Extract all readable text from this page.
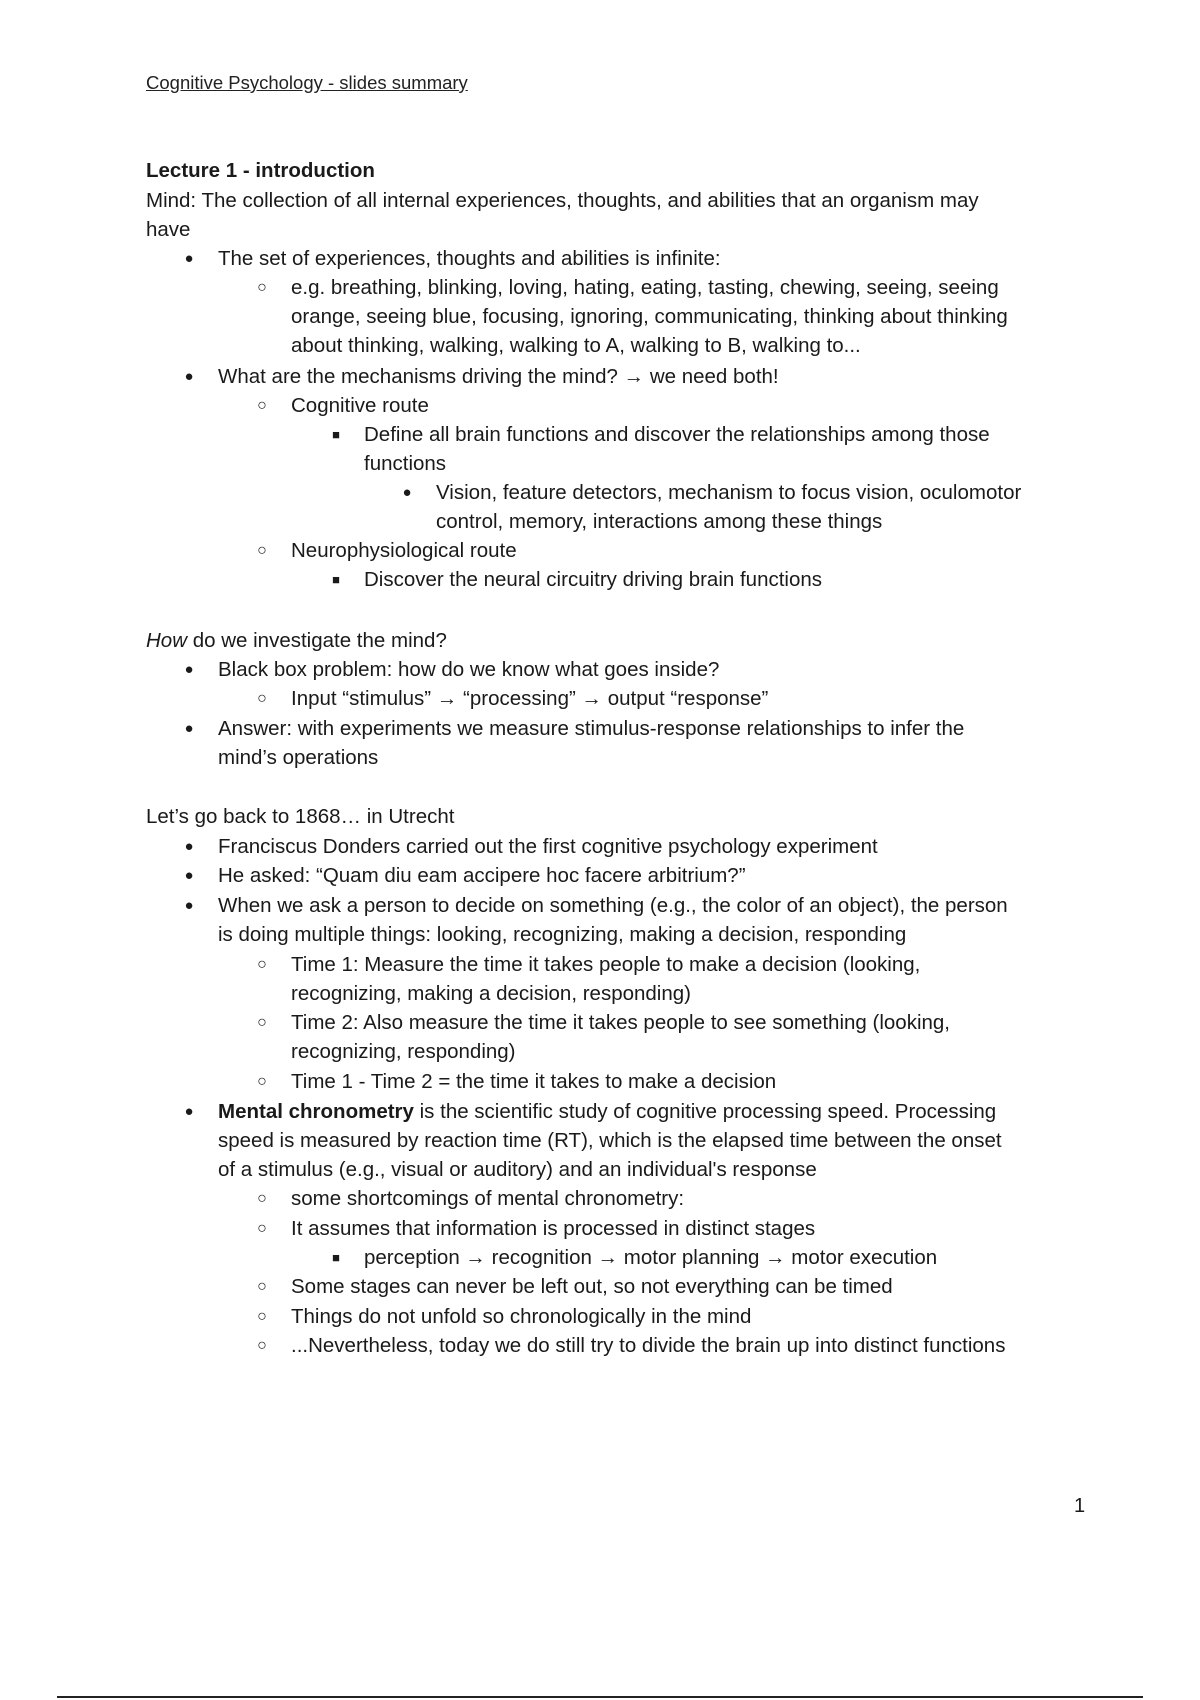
Cognitive Psychology - slides summary
Lecture 1 - introduction
Mind: The collection of all internal experiences, thoughts, and abilities that an organism may
have
● The set of experiences, thoughts and abilities is infinite:
○ e.g. breathing, blinking, loving, hating, eating, tasting, chewing, seeing, seeing
orange, seeing blue, focusing, ignoring, communicating, thinking about thinking
about thinking, walking, walking to A, walking to B, walking to...
● What are the mechanisms driving the mind? → we need both!
○ Cognitive route
■ Define all brain functions and discover the relationships among those
functions
● Vision, feature detectors, mechanism to focus vision, oculomotor
control, memory, interactions among these things
○ Neurophysiological route
■ Discover the neural circuitry driving brain functions
How do we investigate the mind?
● Black box problem: how do we know what goes inside?
○ Input “stimulus” → “processing” → output “response”
● Answer: with experiments we measure stimulus-response relationships to infer the
mind’s operations
Let’s go back to 1868… in Utrecht
● Franciscus Donders carried out the first cognitive psychology experiment
● He asked: “Quam diu eam accipere hoc facere arbitrium?”
● When we ask a person to decide on something (e.g., the color of an object), the person
is doing multiple things: looking, recognizing, making a decision, responding
○ Time 1: Measure the time it takes people to make a decision (looking,
recognizing, making a decision, responding)
○ Time 2: Also measure the time it takes people to see something (looking,
recognizing, responding)
○ Time 1 - Time 2 = the time it takes to make a decision
● Mental chronometry is the scientific study of cognitive processing speed. Processing
speed is measured by reaction time (RT), which is the elapsed time between the onset
of a stimulus (e.g., visual or auditory) and an individual's response
○ some shortcomings of mental chronometry:
○ It assumes that information is processed in distinct stages
■ perception → recognition → motor planning → motor execution
○ Some stages can never be left out, so not everything can be timed
○ Things do not unfold so chronologically in the mind
○ ...Nevertheless, today we do still try to divide the brain up into distinct functions
1
